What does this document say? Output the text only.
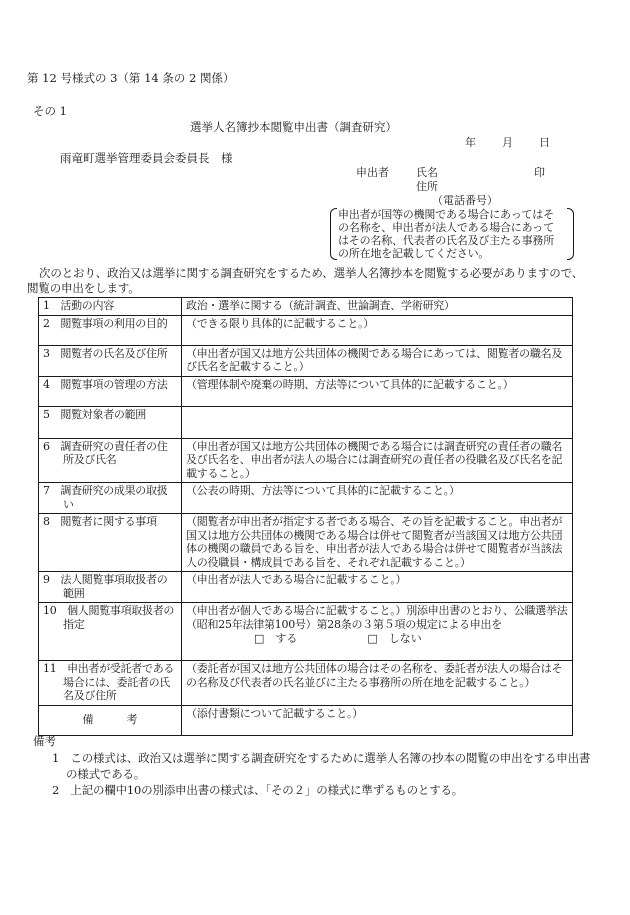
第 12 号様式の 3（第 14 条の 2 関係）
その 1
選挙人名簿抄本閲覧申出書（調査研究）
年 月 日
雨竜町選挙管理委員会委員長　様
申出者 氏名	印
住所
（電話番号）
申出者が国等の機関である場合にあってはそ
の名称を、申出者が法人である場合にあって
はその名称、代表者の氏名及び主たる事務所
の所在地を記載してください。
次のとおり、政治又は選挙に関する調査研究をするため、選挙人名簿抄本を閲覧する必要がありますので、閲覧の申出をします。
1　活動の内容	政治・選挙に関する（統計調査、世論調査、学術研究）

2　閲覧事項の利用の目的	（できる限り具体的に記載すること。）

3　閲覧者の氏名及び住所	（申出者が国又は地方公共団体の機関である場合にあっては、閲覧者の職名及び氏名を記載すること。）

4　閲覧事項の管理の方法	（管理体制や廃棄の時期、方法等について具体的に記載すること。）

5　閲覧対象者の範囲	

6　調査研究の責任者の住所及び氏名	（申出者が国又は地方公共団体の機関である場合には調査研究の責任者の職名及び氏名を、申出者が法人の場合には調査研究の責任者の役職名及び氏名を記載すること。）

7　調査研究の成果の取扱い	（公表の時期、方法等について具体的に記載すること。）

8　閲覧者に関する事項	（閲覧者が申出者が指定する者である場合、その旨を記載すること。申出者が国又は地方公共団体の機関である場合は併せて閲覧者が当該国又は地方公共団体の機関の職員である旨を、申出者が法人である場合は併せて閲覧者が当該法人の役職員・構成員である旨を、それぞれ記載すること。）

9　法人閲覧事項取扱者の範囲	（申出者が法人である場合に記載すること。）

10　個人閲覧事項取扱者の指定	（申出者が個人である場合に記載すること。）別添申出書のとおり、公職選挙法（昭和25年法律第100号）第28条の３第５項の規定による申出を
□　する □　しない

11　申出者が受託者である場合には、委託者の氏名及び住所	（委託者が国又は地方公共団体の場合はその名称を、委託者が法人の場合はその名称及び代表者の氏名並びに主たる事務所の所在地を記載すること。）
備　　　考	（添付書類について記載すること。）
備考
1　この様式は、政治又は選挙に関する調査研究をするために選挙人名簿の抄本の閲覧の申出をする申出書の様式である。
2　上記の欄中10の別添申出書の様式は、「その２」の様式に準ずるものとする。
